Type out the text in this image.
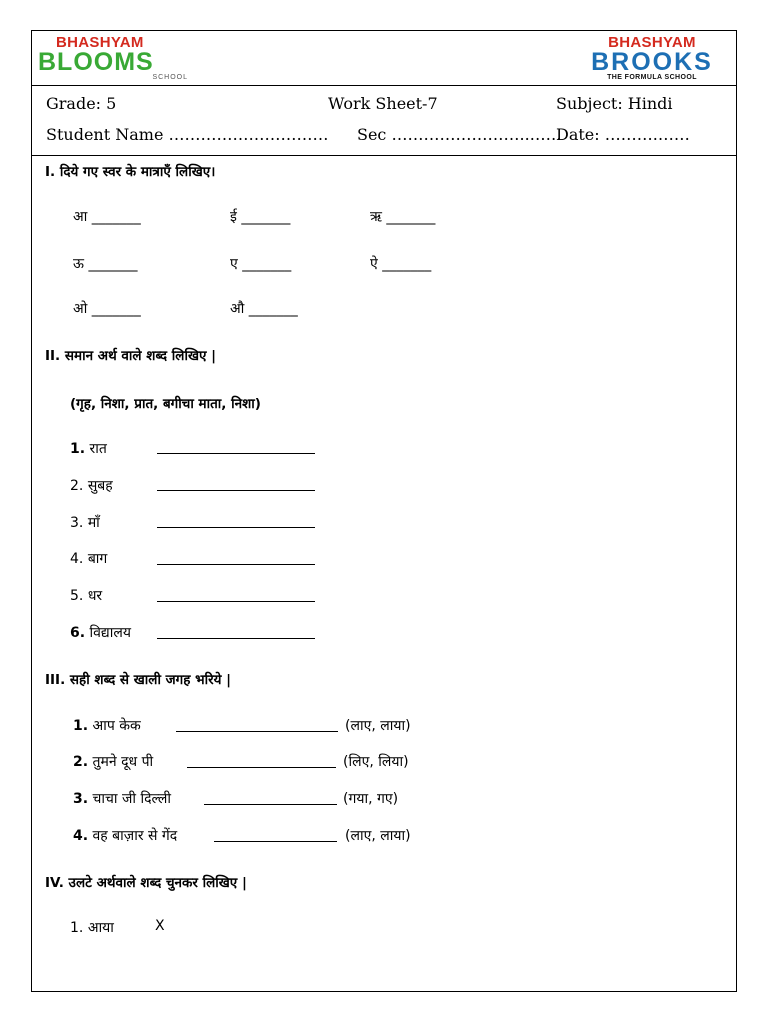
BHASHYAM
BLOOMS
SCHOOL
BHASHYAM
BROOKS
THE FORMULA SCHOOL
Grade: 5	Work Sheet-7	Subject: Hindi
Student Name ………………………… Sec ……………………..……
Date: ……….……
I. दिये गए स्वर के मात्राएँ लिखिए।
आ _______	ई _______	ऋ _______
ऊ _______	ए _______	ऐ _______
ओ _______	औ _______
II. समान अर्थ वाले शब्द लिखिए |
(गृह, निशा, प्रात, बगीचा माता, निशा)
1. रात
2. सुबह
3. माँ
4. बाग
5. धर
6. विद्यालय
III. सही शब्द से खाली जगह भरिये |
1. आप केक	(लाए, लाया)
2. तुमने दूध पी	(लिए, लिया)
3. चाचा जी दिल्ली	(गया, गए)
4. वह बाज़ार से गेंद	(लाए, लाया)
IV. उलटे अर्थवाले शब्द चुनकर लिखिए |
1. आया	X
